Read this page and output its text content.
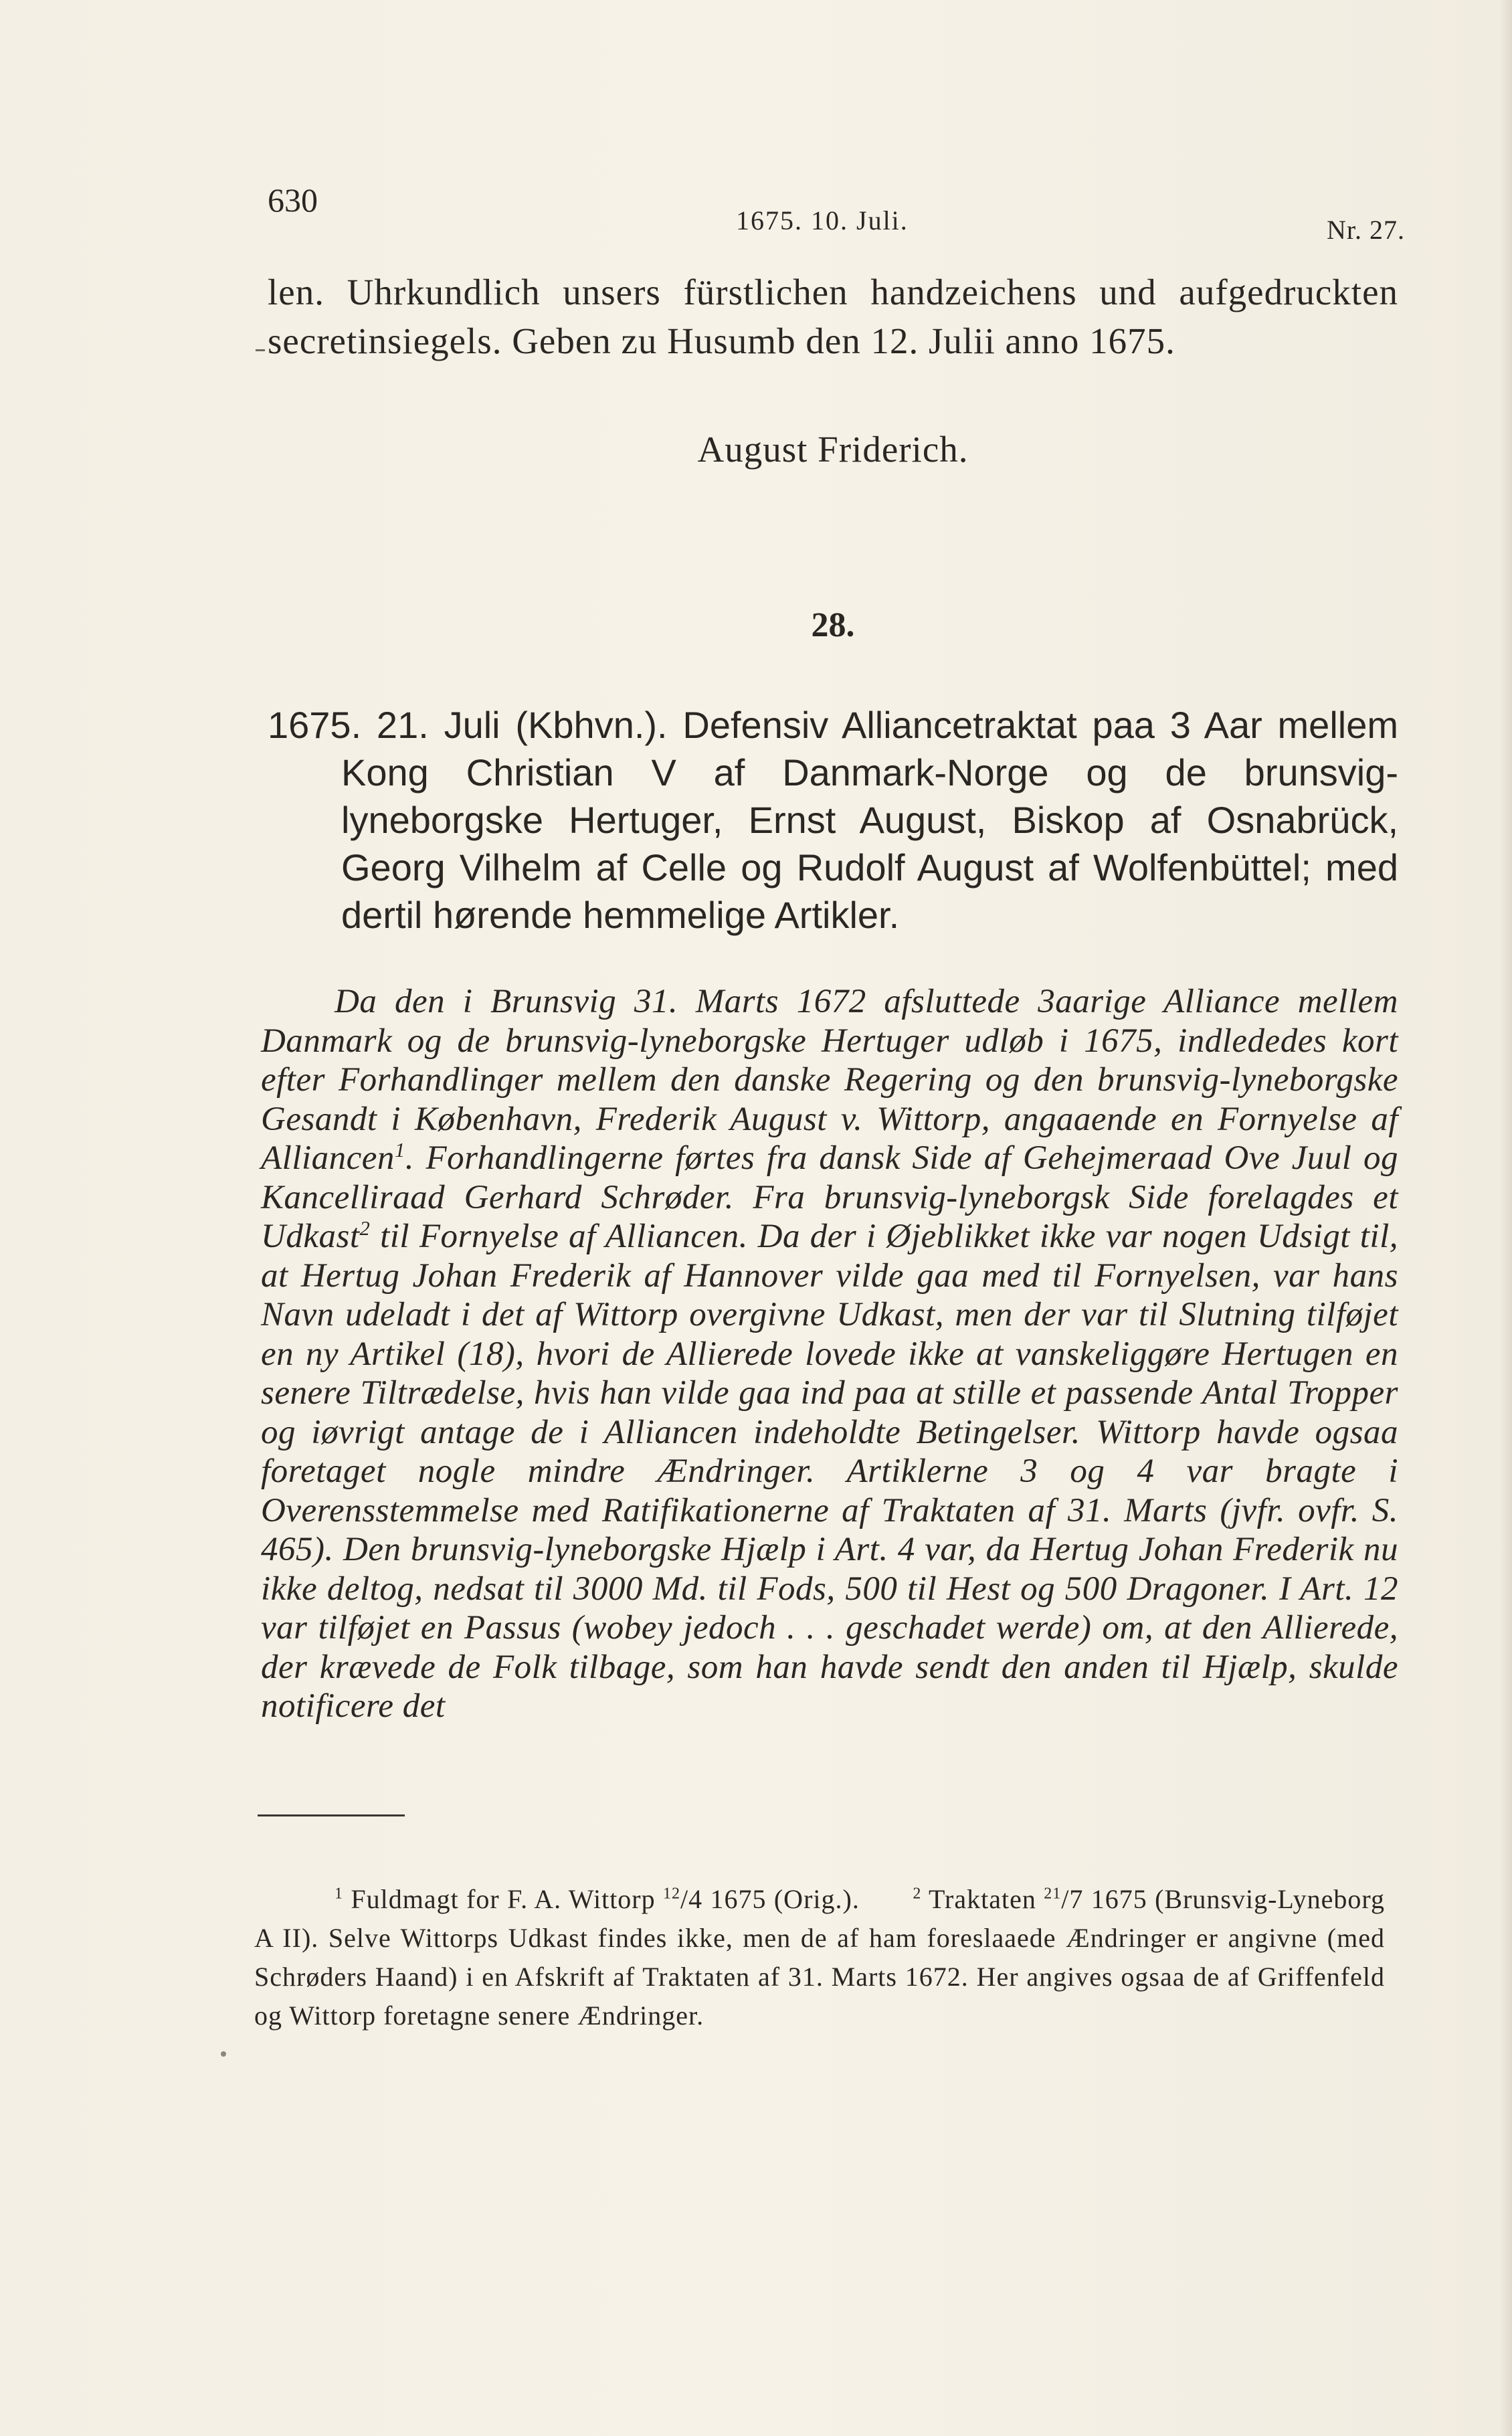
630
1675. 10. Juli.	Nr. 27.
len. Uhrkundlich unsers fürstlichen handzeichens und aufgedruckten secretinsiegels. Geben zu Husumb den 12. Julii anno 1675.
August Friderich.
28.
1675. 21. Juli (Kbhvn.). Defensiv Alliancetraktat paa 3 Aar mellem Kong Christian V af Danmark-Norge og de brunsvig-lyneborgske Hertuger, Ernst August, Biskop af Osnabrück, Georg Vilhelm af Celle og Rudolf August af Wolfenbüttel; med dertil hørende hemmelige Artikler.
Da den i Brunsvig 31. Marts 1672 afsluttede 3aarige Alliance mellem Danmark og de brunsvig-lyneborgske Hertuger udløb i 1675, indlededes kort efter Forhandlinger mellem den danske Regering og den brunsvig-lyneborgske Gesandt i København, Frederik August v. Wittorp, angaaende en Fornyelse af Alliancen$^1$. Forhandlingerne førtes fra dansk Side af Gehejmeraad Ove Juul og Kancelliraad Gerhard Schrøder. Fra brunsvig-lyneborgsk Side forelagdes et Udkast$^2$ til Fornyelse af Alliancen. Da der i Øjeblikket ikke var nogen Udsigt til, at Hertug Johan Frederik af Hannover vilde gaa med til Fornyelsen, var hans Navn udeladt i det af Wittorp overgivne Udkast, men der var til Slutning tilføjet en ny Artikel (18), hvori de Allierede lovede ikke at vanskeliggøre Hertugen en senere Tiltrædelse, hvis han vilde gaa ind paa at stille et passende Antal Tropper og iøvrigt antage de i Alliancen indeholdte Betingelser. Wittorp havde ogsaa foretaget nogle mindre Ændringer. Artiklerne 3 og 4 var bragte i Overensstemmelse med Ratifikationerne af Traktaten af 31. Marts (jvfr. ovfr. S. 465). Den brunsvig-lyneborgske Hjælp i Art. 4 var, da Hertug Johan Frederik nu ikke deltog, nedsat til 3000 Md. til Fods, 500 til Hest og 500 Dragoner. I Art. 12 var tilføjet en Passus (wobey jedoch . . . geschadet werde) om, at den Allierede, der krævede de Folk tilbage, som han havde sendt den anden til Hjælp, skulde notificere det
$^1$ Fuldmagt for F. A. Wittorp $^{12}$/4 1675 (Orig.).	$^2$ Traktaten $^{21}$/7 1675 (Brunsvig-Lyneborg A II). Selve Wittorps Udkast findes ikke, men de af ham foreslaaede Ændringer er angivne (med Schrøders Haand) i en Afskrift af Traktaten af 31. Marts 1672. Her angives ogsaa de af Griffenfeld og Wittorp foretagne senere Ændringer.
